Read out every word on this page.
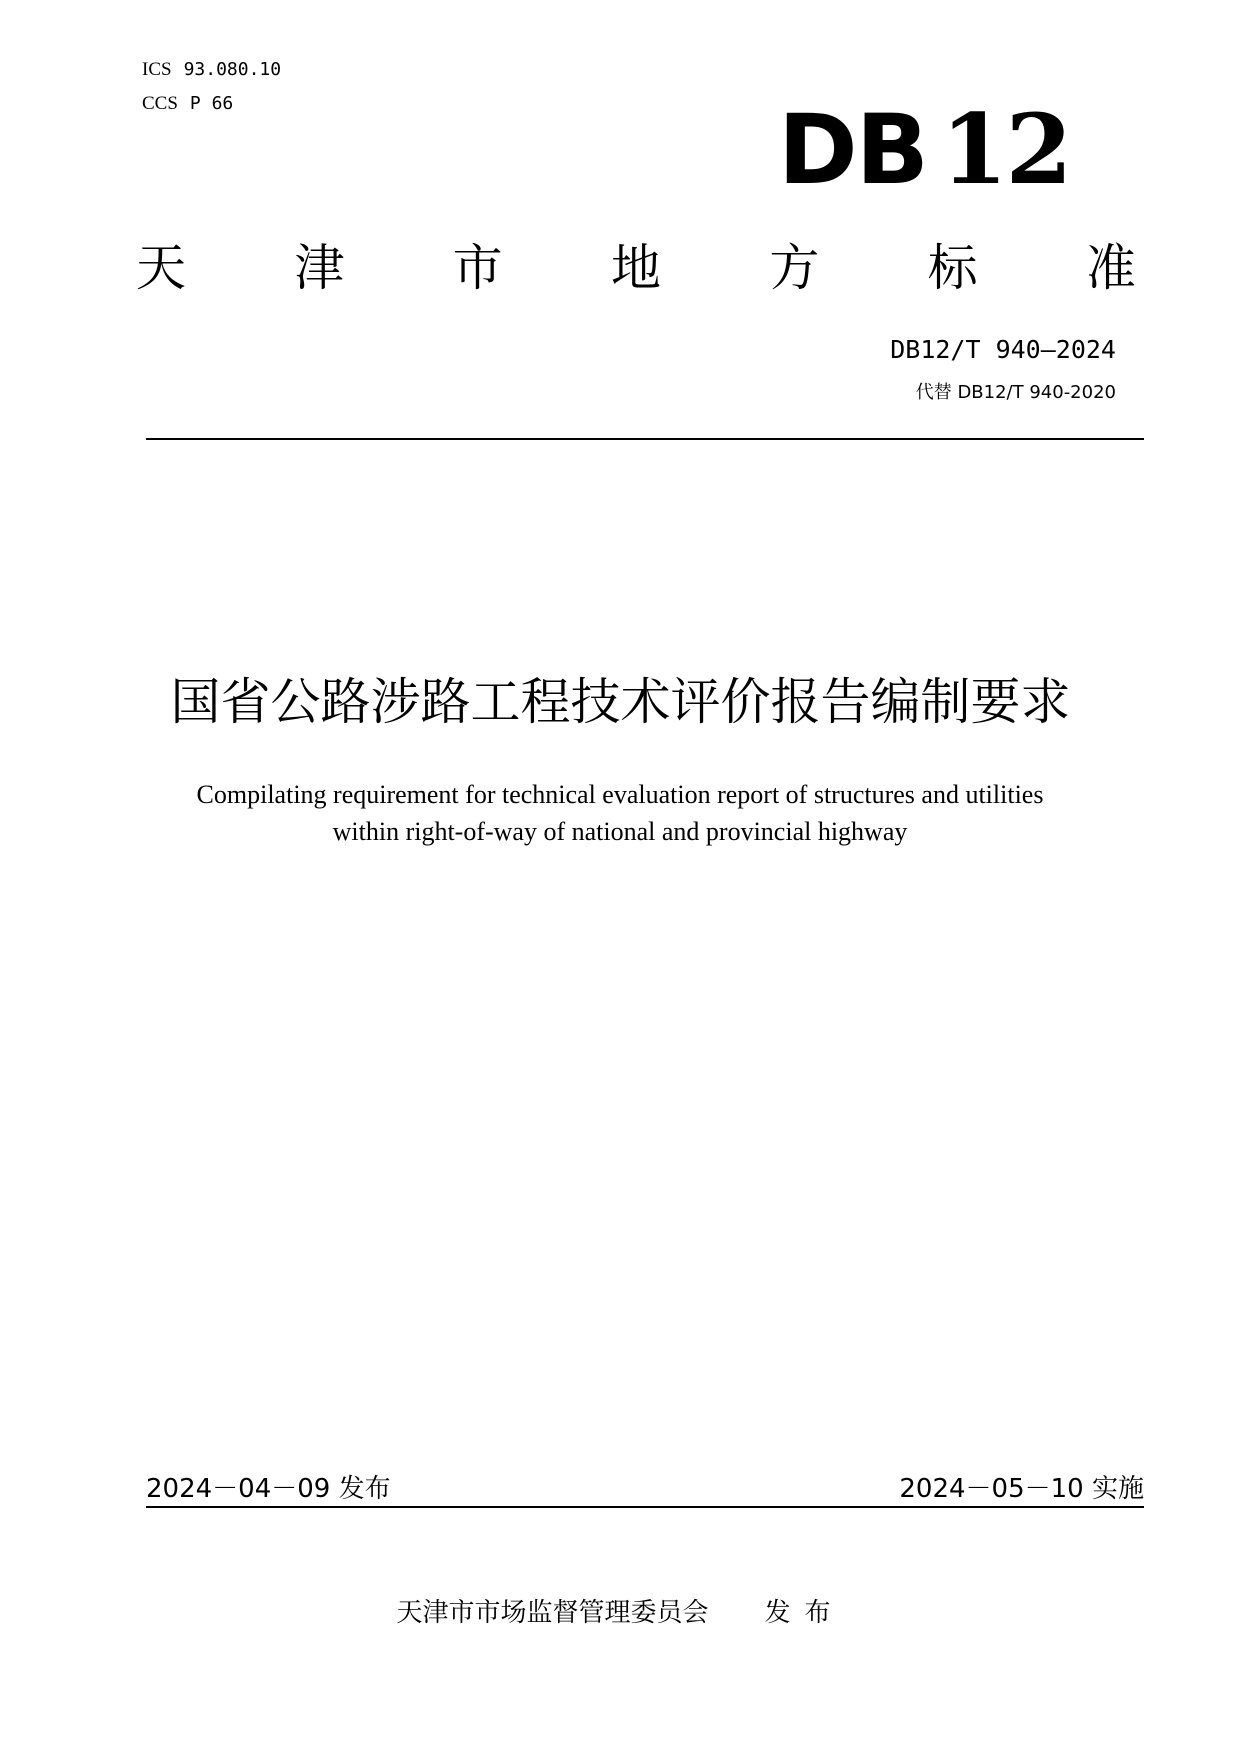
ICS 93.080.10
CCS P 66	DB 12
天 津 市 地 方 标 准
DB12/T 940—2024
代替 DB12/T 940-2020
国省公路涉路工程技术评价报告编制要求
Compilating requirement for technical evaluation report of structures and utilities
within right-of-way of national and provincial highway
2024－04－09 发布	2024－05－10 实施
天津市市场监督管理委员会 发布
